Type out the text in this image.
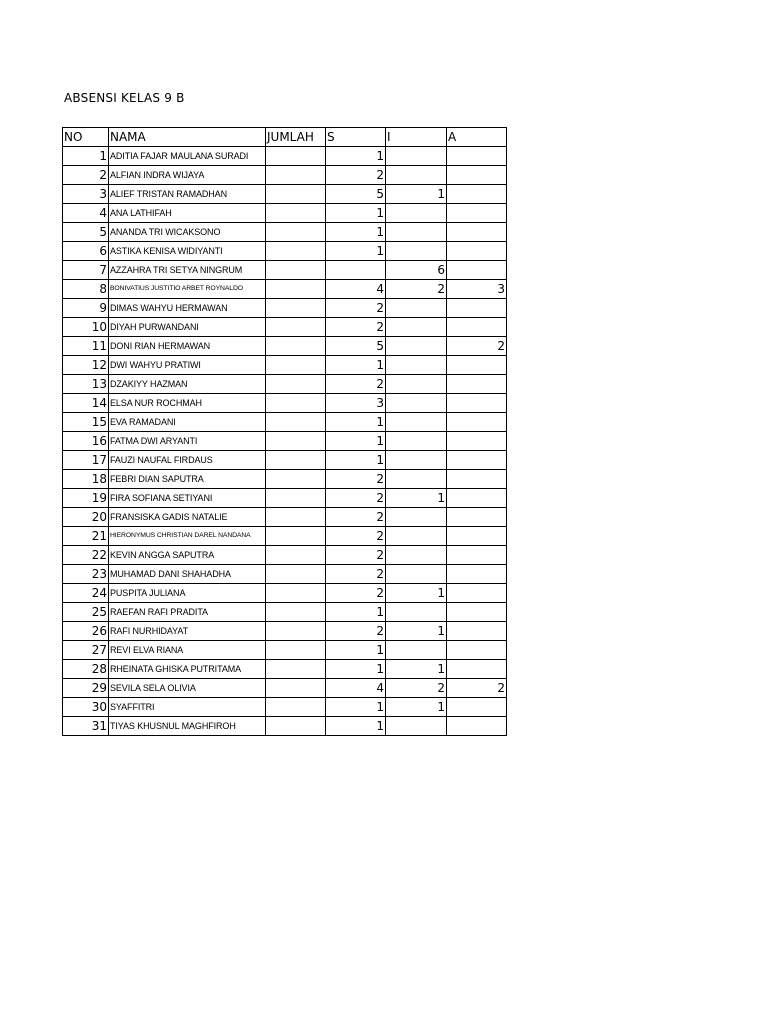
ABSENSI KELAS 9 B
NO	NAMA	JUMLAH	S	I	A
1	ADITIA FAJAR MAULANA SURADI		1		
2	ALFIAN INDRA WIJAYA		2		
3	ALIEF TRISTAN RAMADHAN		5	1	
4	ANA LATHIFAH		1		
5	ANANDA TRI WICAKSONO		1		
6	ASTIKA KENISA WIDIYANTI		1		
7	AZZAHRA TRI SETYA NINGRUM			6	
8	BONIVATIUS JUSTITIO ARBET ROYNALDO		4	2	3
9	DIMAS WAHYU HERMAWAN		2		
10	DIYAH PURWANDANI		2		
11	DONI RIAN HERMAWAN		5		2
12	DWI WAHYU PRATIWI		1		
13	DZAKIYY HAZMAN		2		
14	ELSA NUR ROCHMAH		3		
15	EVA RAMADANI		1		
16	FATMA DWI ARYANTI		1		
17	FAUZI NAUFAL FIRDAUS		1		
18	FEBRI DIAN SAPUTRA		2		
19	FIRA SOFIANA SETIYANI		2	1	
20	FRANSISKA GADIS NATALIE		2		
21	HIERONYMUS CHRISTIAN DAREL NANDANA		2		
22	KEVIN ANGGA SAPUTRA		2		
23	MUHAMAD DANI SHAHADHA		2		
24	PUSPITA JULIANA		2	1	
25	RAEFAN RAFI PRADITA		1		
26	RAFI NURHIDAYAT		2	1	
27	REVI ELVA RIANA		1		
28	RHEINATA GHISKA PUTRITAMA		1	1	
29	SEVILA SELA OLIVIA		4	2	2
30	SYAFFITRI		1	1	
31	TIYAS KHUSNUL MAGHFIROH		1		
